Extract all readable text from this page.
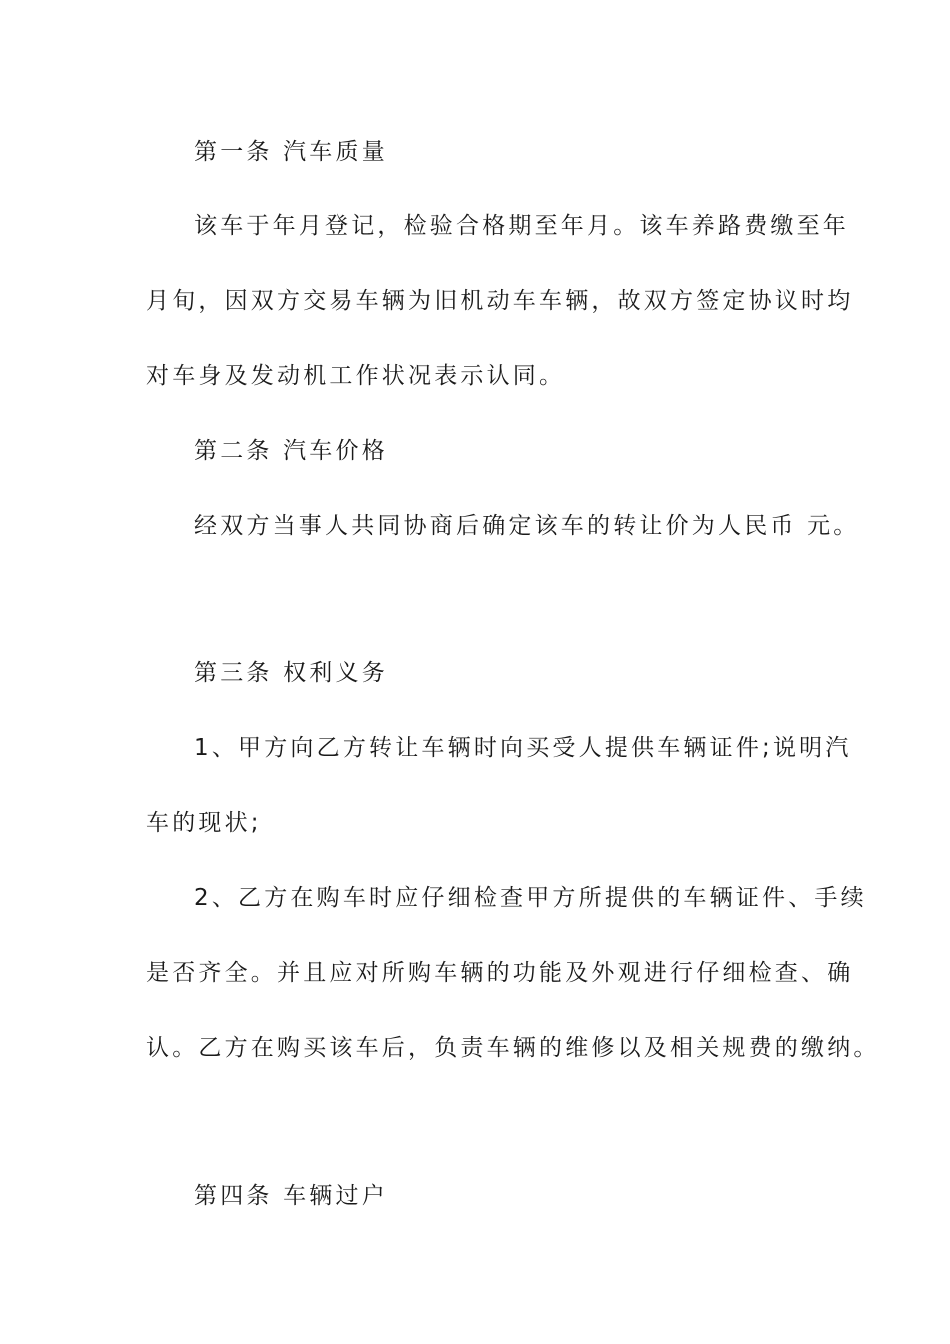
第一条 汽车质量
该车于年月登记，检验合格期至年月。该车养路费缴至年
月旬，因双方交易车辆为旧机动车车辆，故双方签定协议时均
对车身及发动机工作状况表示认同。
第二条 汽车价格
经双方当事人共同协商后确定该车的转让价为人民币 元。
第三条 权利义务
1、甲方向乙方转让车辆时向买受人提供车辆证件;说明汽
车的现状;
2、乙方在购车时应仔细检查甲方所提供的车辆证件、手续
是否齐全。并且应对所购车辆的功能及外观进行仔细检查、确
认。乙方在购买该车后，负责车辆的维修以及相关规费的缴纳。
第四条 车辆过户
